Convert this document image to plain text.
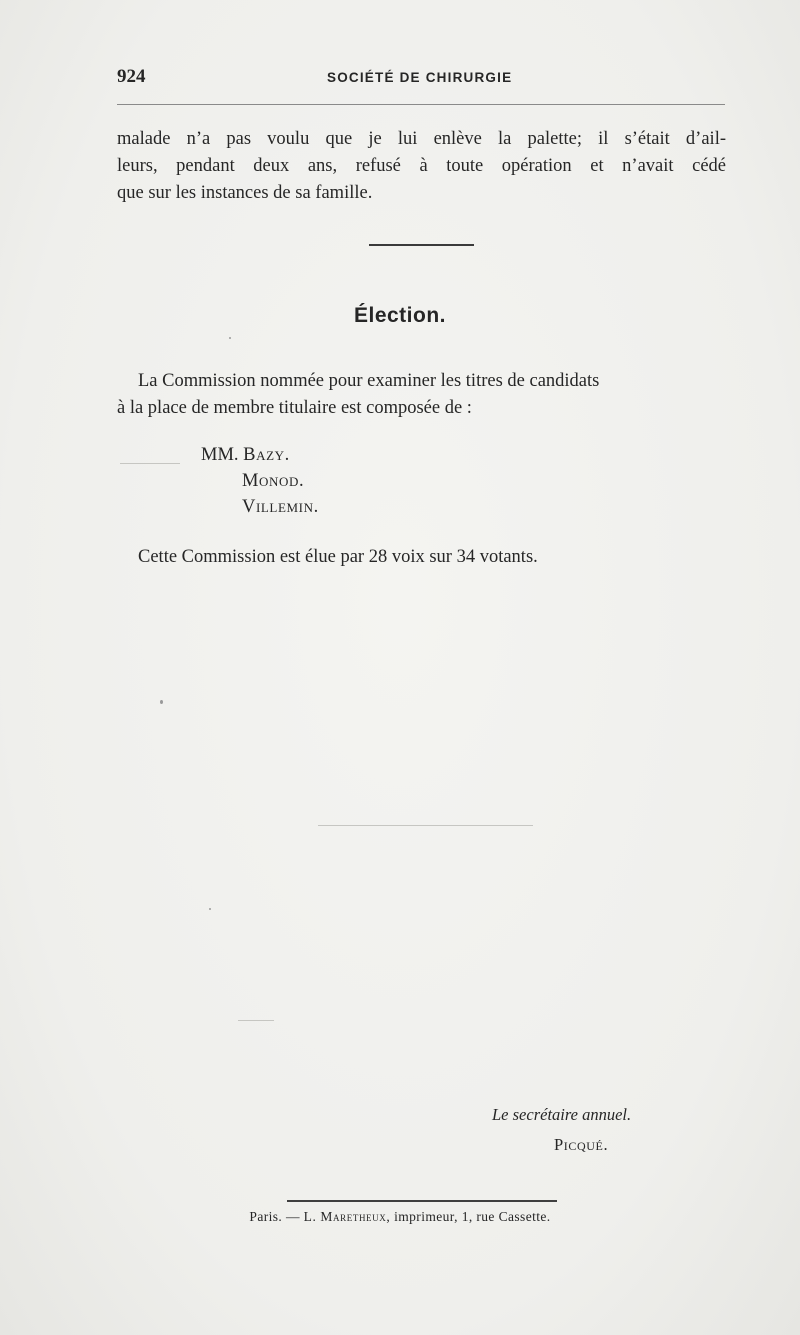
924	SOCIÉTÉ DE CHIRURGIE
malade n’a pas voulu que je lui enlève la palette; il s’était d’ail-
leurs, pendant deux ans, refusé à toute opération et n’avait cédé
que sur les instances de sa famille.
Élection.
La Commission nommée pour examiner les titres de candidats
à la place de membre titulaire est composée de :
MM. Bazy.
Monod.
Villemin.
Cette Commission est élue par 28 voix sur 34 votants.
Le secrétaire annuel.
Picqué.
Paris. — L. Maretheux, imprimeur, 1, rue Cassette.
